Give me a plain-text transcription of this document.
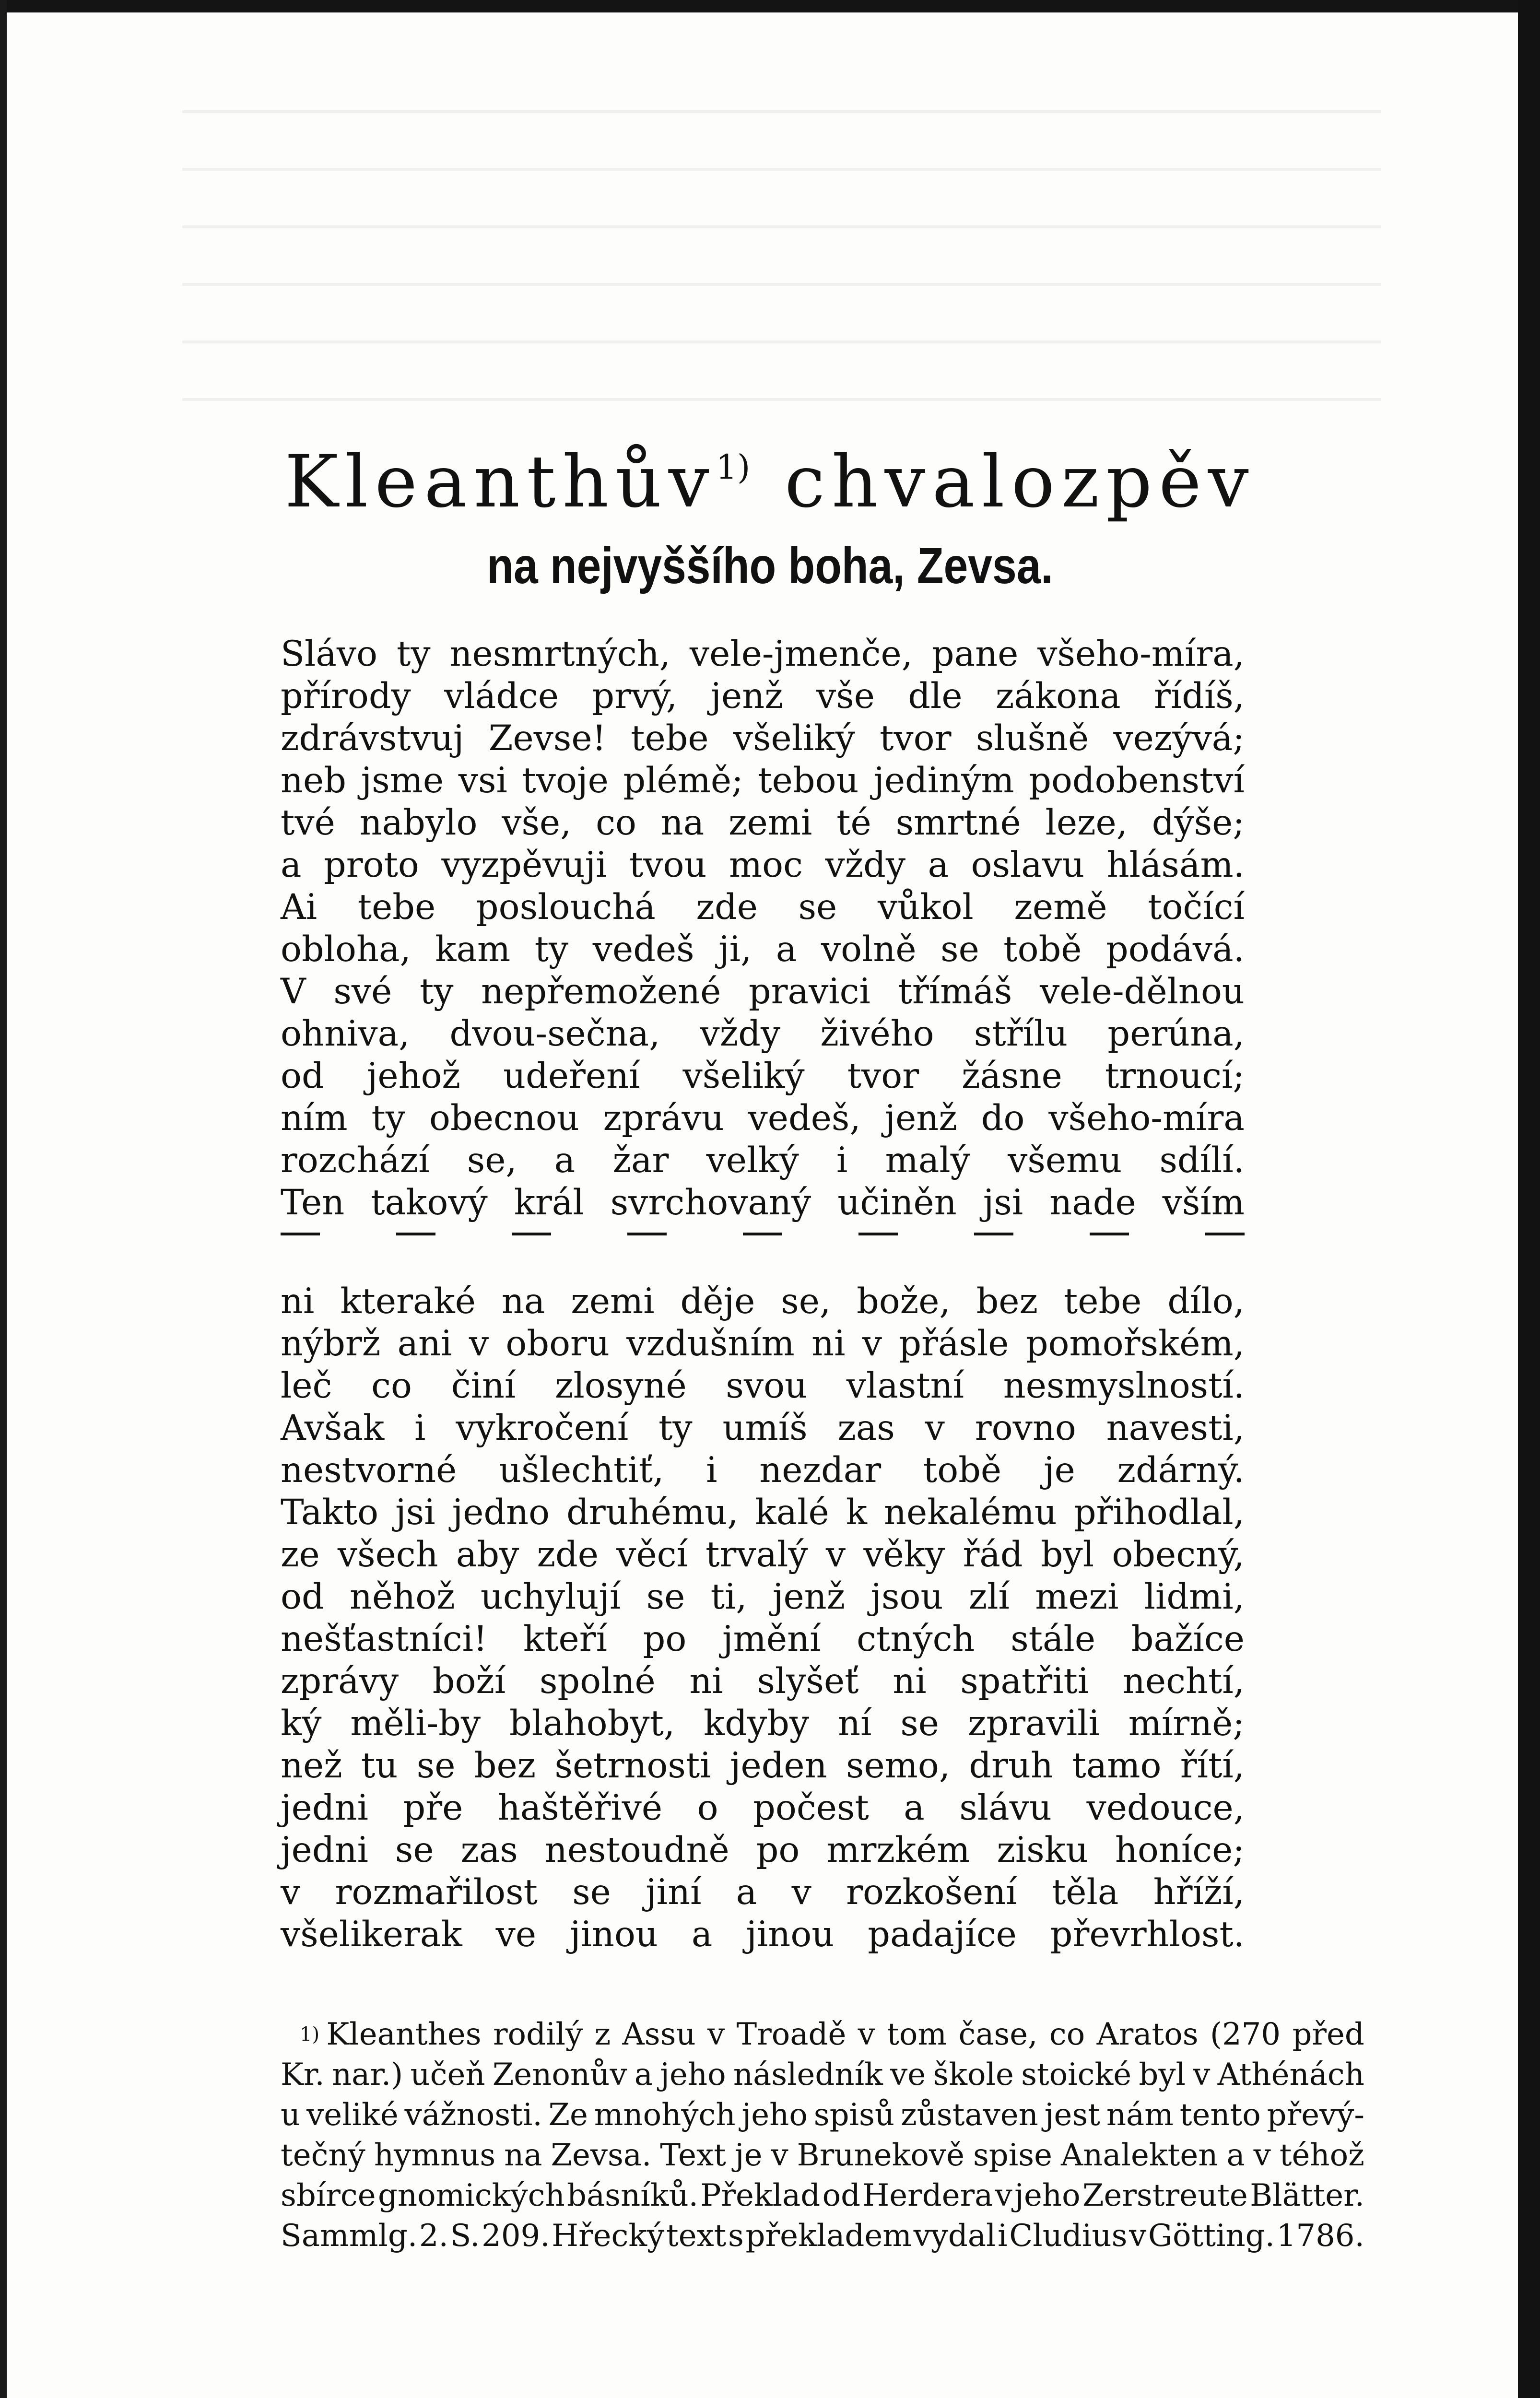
Kleanthův$^{1)}$ chvalozpěv
na nejvyššího boha, Zevsa.
Slávo ty nesmrtných, vele-jmenče, pane všeho-míra,
přírody vládce prvý, jenž vše dle zákona řídíš,
zdrávstvuj Zevse! tebe všeliký tvor slušně vezývá;
neb jsme vsi tvoje plémě; tebou jediným podobenství
tvé nabylo vše, co na zemi té smrtné leze, dýše;
a proto vyzpěvuji tvou moc vždy a oslavu hlásám.
Ai tebe poslouchá zde se vůkol země točící
obloha, kam ty vedeš ji, a volně se tobě podává.
V své ty nepřemožené pravici třímáš vele-dělnou
ohniva, dvou-sečna, vždy živého střílu perúna,
od jehož udeření všeliký tvor žásne trnoucí;
ním ty obecnou zprávu vedeš, jenž do všeho-míra
rozchází se, a žar velký i malý všemu sdílí.
Ten takový král svrchovaný učiněn jsi nade vším
ni kteraké na zemi děje se, bože, bez tebe dílo,
nýbrž ani v oboru vzdušním ni v přásle pomořském,
leč co činí zlosyné svou vlastní nesmyslností.
Avšak i vykročení ty umíš zas v rovno navesti,
nestvorné ušlechtiť, i nezdar tobě je zdárný.
Takto jsi jedno druhému, kalé k nekalému přihodlal,
ze všech aby zde věcí trvalý v věky řád byl obecný,
od něhož uchylují se ti, jenž jsou zlí mezi lidmi,
nešťastníci! kteří po jmění ctných stále bažíce
zprávy boží spolné ni slyšeť ni spatřiti nechtí,
ký měli-by blahobyt, kdyby ní se zpravili mírně;
než tu se bez šetrnosti jeden semo, druh tamo řítí,
jedni pře haštěřivé o počest a slávu vedouce,
jedni se zas nestoudně po mrzkém zisku honíce;
v rozmařilost se jiní a v rozkošení těla hříží,
všelikerak ve jinou a jinou padajíce převrhlost.
1) Kleanthes rodilý z Assu v Troadě v tom čase, co Aratos (270 před
Kr. nar.) učeň Zenonův a jeho následník ve škole stoické byl v Athénách
u veliké vážnosti. Ze mnohých jeho spisů zůstaven jest nám tento převý-
tečný hymnus na Zevsa. Text je v Brunekově spise Analekten a v téhož
sbírce gnomických básníků. Překlad od Herdera v jeho Zerstreute Blätter.
Sammlg. 2. S. 209. Hřecký text s překladem vydal i Cludius v Götting. 1786.
